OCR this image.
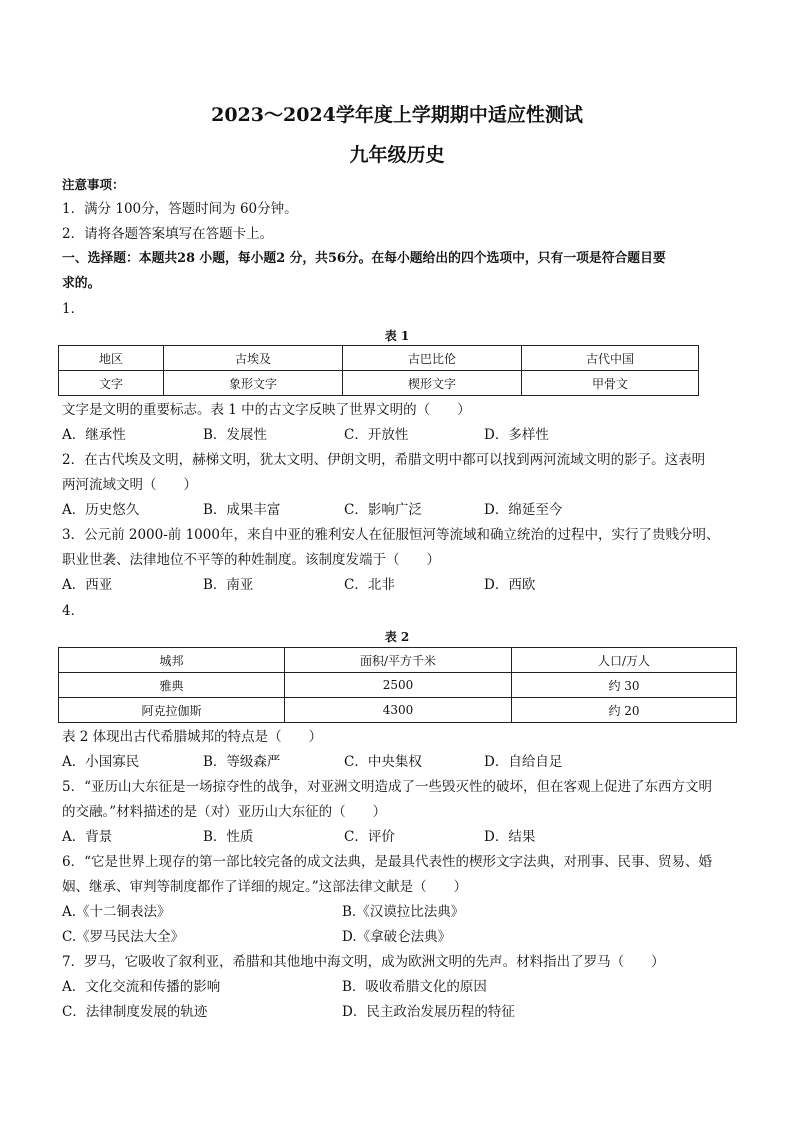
2023～2024学年度上学期期中适应性测试
九年级历史
注意事项：
1．满分 100分，答题时间为 60分钟。
2．请将各题答案填写在答题卡上。
一、选择题：本题共28 小题，每小题2 分，共56分。在每小题给出的四个选项中，只有一项是符合题目要
求的。
1．
表 1
地区	古埃及	古巴比伦	古代中国
文字	象形文字	楔形文字	甲骨文
文字是文明的重要标志。表 1 中的古文字反映了世界文明的（　　）
A．继承性	B．发展性	C．开放性	D．多样性
2．在古代埃及文明，赫梯文明，犹太文明、伊朗文明，希腊文明中都可以找到两河流域文明的影子。这表明
两河流域文明（　　）
A．历史悠久	B．成果丰富	C．影响广泛	D．绵延至今
3．公元前 2000-前 1000年，来自中亚的雅利安人在征服恒河等流域和确立统治的过程中，实行了贵贱分明、
职业世袭、法律地位不平等的种姓制度。该制度发端于（　　）
A．西亚	B．南亚	C．北非	D．西欧
4．
表 2
城邦	面积/平方千米	人口/万人
雅典	2500	约 30
阿克拉伽斯	4300	约 20
表 2 体现出古代希腊城邦的特点是（　　）
A．小国寡民	B．等级森严	C．中央集权	D．自给自足
5．“亚历山大东征是一场掠夺性的战争，对亚洲文明造成了一些毁灭性的破坏，但在客观上促进了东西方文明
的交融。”材料描述的是（对）亚历山大东征的（　　）
A．背景	B．性质	C．评价	D．结果
6．“它是世界上现存的第一部比较完备的成文法典，是最具代表性的楔形文字法典，对刑事、民事、贸易、婚
姻、继承、审判等制度都作了详细的规定。”这部法律文献是（　　）
A.《十二铜表法》	B.《汉谟拉比法典》
C.《罗马民法大全》	D.《拿破仑法典》
7．罗马，它吸收了叙利亚，希腊和其他地中海文明，成为欧洲文明的先声。材料指出了罗马（　　）
A．文化交流和传播的影响	B．吸收希腊文化的原因
C．法律制度发展的轨迹	D．民主政治发展历程的特征
